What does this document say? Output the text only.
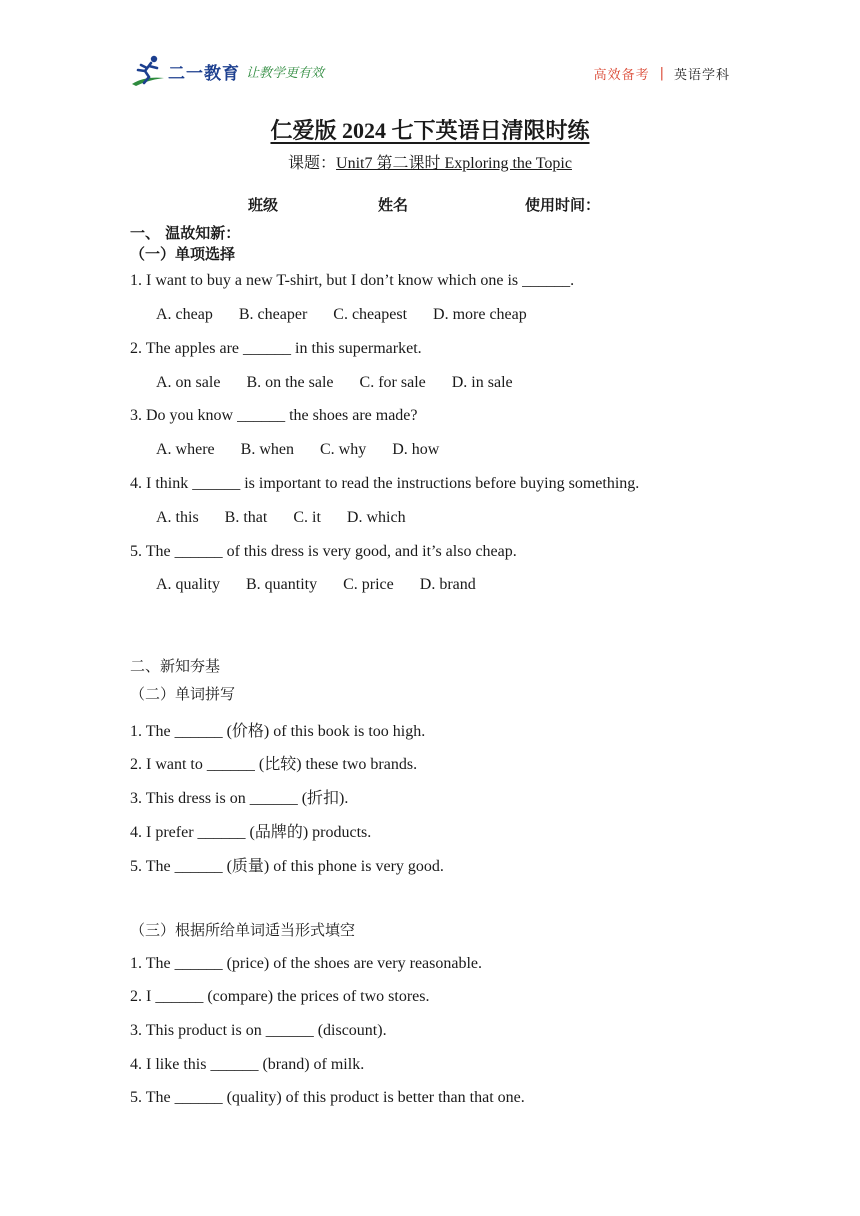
二一教育 让教学更有效	高效备考 | 英语学科
仁爱版 2024 七下英语日清限时练
课题：Unit7 第二课时 Exploring the Topic
班级	姓名	使用时间：
一、 温故知新：
（一）单项选择
1. I want to buy a new T-shirt, but I don’t know which one is ______.
A. cheap B. cheaper C. cheapest D. more cheap
2. The apples are ______ in this supermarket.
A. on sale B. on the sale C. for sale D. in sale
3. Do you know ______ the shoes are made?
A. where B. when C. why D. how
4. I think ______ is important to read the instructions before buying something.
A. this B. that C. it D. which
5. The ______ of this dress is very good, and it’s also cheap.
A. quality B. quantity C. price D. brand
二、新知夯基
（二）单词拼写
1. The ______ (价格) of this book is too high.
2. I want to ______ (比较) these two brands.
3. This dress is on ______ (折扣).
4. I prefer ______ (品牌的) products.
5. The ______ (质量) of this phone is very good.
（三）根据所给单词适当形式填空
1. The ______ (price) of the shoes are very reasonable.
2. I ______ (compare) the prices of two stores.
3. This product is on ______ (discount).
4. I like this ______ (brand) of milk.
5. The ______ (quality) of this product is better than that one.
